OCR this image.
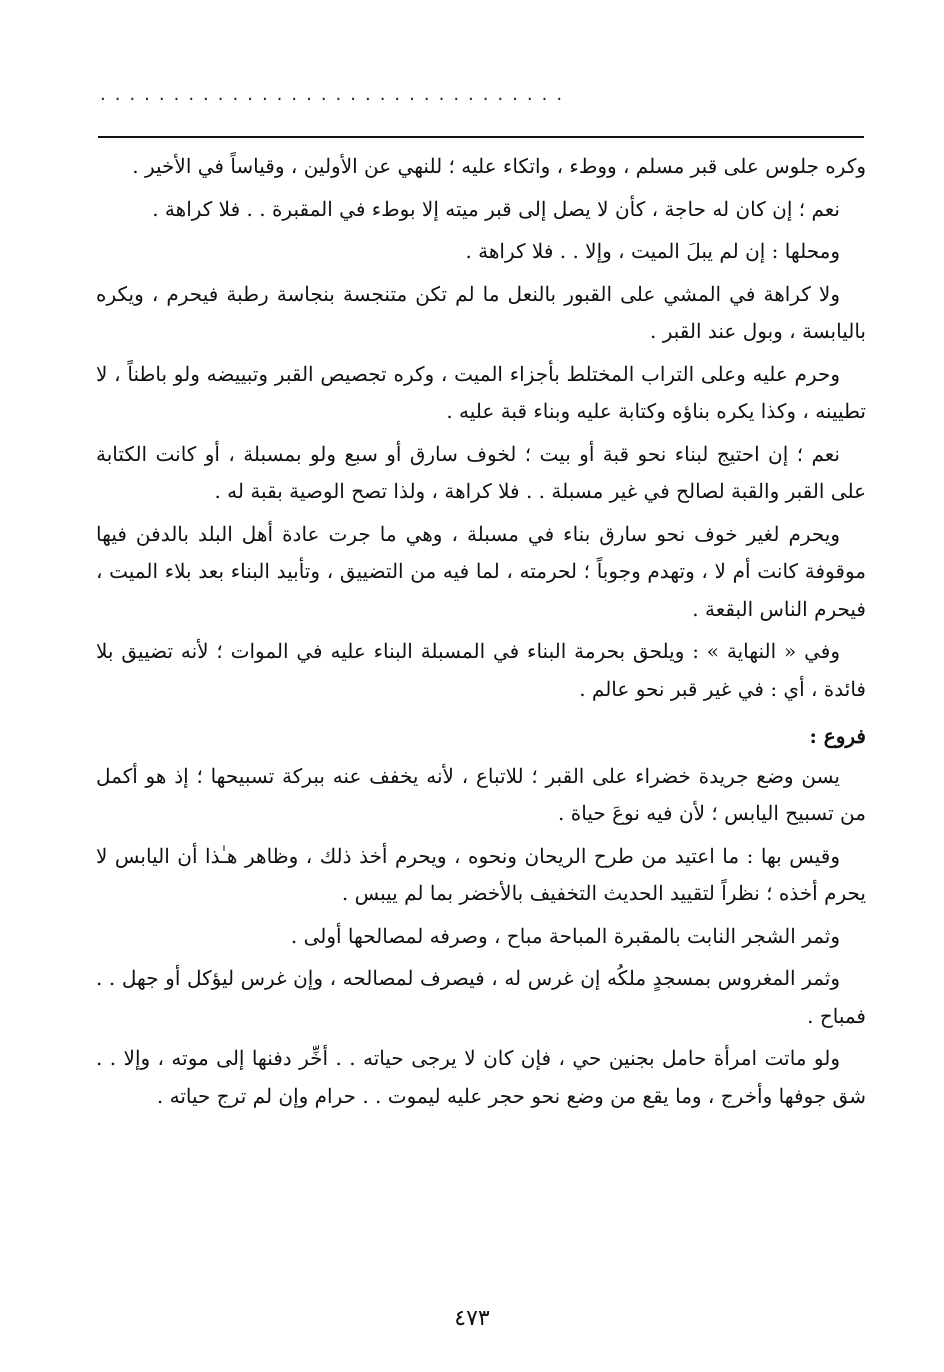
................................

وكره جلوس على قبر مسلم ، ووطء ، واتكاء عليه ؛ للنهي عن الأولين ، وقياساً في الأخير .

نعم ؛ إن كان له حاجة ، كأن لا يصل إلى قبر ميته إلا بوطء في المقبرة . . فلا كراهة .

ومحلها : إن لم يبلَ الميت ، وإلا . . فلا كراهة .

ولا كراهة في المشي على القبور بالنعل ما لم تكن متنجسة بنجاسة رطبة فيحرم ، ويكره باليابسة ، وبول عند القبر .

وحرم عليه وعلى التراب المختلط بأجزاء الميت ، وكره تجصيص القبر وتبييضه ولو باطناً ، لا تطيينه ، وكذا يكره بناؤه وكتابة عليه وبناء قبة عليه .

نعم ؛ إن احتيج لبناء نحو قبة أو بيت ؛ لخوف سارق أو سبع ولو بمسبلة ، أو كانت الكتابة على القبر والقبة لصالح في غير مسبلة . . فلا كراهة ، ولذا تصح الوصية بقبة له .

ويحرم لغير خوف نحو سارق بناء في مسبلة ، وهي ما جرت عادة أهل البلد بالدفن فيها موقوفة كانت أم لا ، وتهدم وجوباً ؛ لحرمته ، لما فيه من التضييق ، وتأبيد البناء بعد بلاء الميت ، فيحرم الناس البقعة .

وفي « النهاية » : ويلحق بحرمة البناء في المسبلة البناء عليه في الموات ؛ لأنه تضييق بلا فائدة ، أي : في غير قبر نحو عالم .

فروع :

يسن وضع جريدة خضراء على القبر ؛ للاتباع ، لأنه يخفف عنه ببركة تسبيحها ؛ إذ هو أكمل من تسبيح اليابس ؛ لأن فيه نوعَ حياة .

وقيس بها : ما اعتيد من طرح الريحان ونحوه ، ويحرم أخذ ذلك ، وظاهر هـٰذا أن اليابس لا يحرم أخذه ؛ نظراً لتقييد الحديث التخفيف بالأخضر بما لم ييبس .

وثمر الشجر النابت بالمقبرة المباحة مباح ، وصرفه لمصالحها أولى .

وثمر المغروس بمسجدٍ ملكُه إن غرس له ، فيصرف لمصالحه ، وإن غرس ليؤكل أو جهل . . فمباح .

ولو ماتت امرأة حامل بجنين حي ، فإن كان لا يرجى حياته . . أخِّر دفنها إلى موته ، وإلا . . شق جوفها وأخرج ، وما يقع من وضع نحو حجر عليه ليموت . . حرام وإن لم ترج حياته .

٤٧٣
